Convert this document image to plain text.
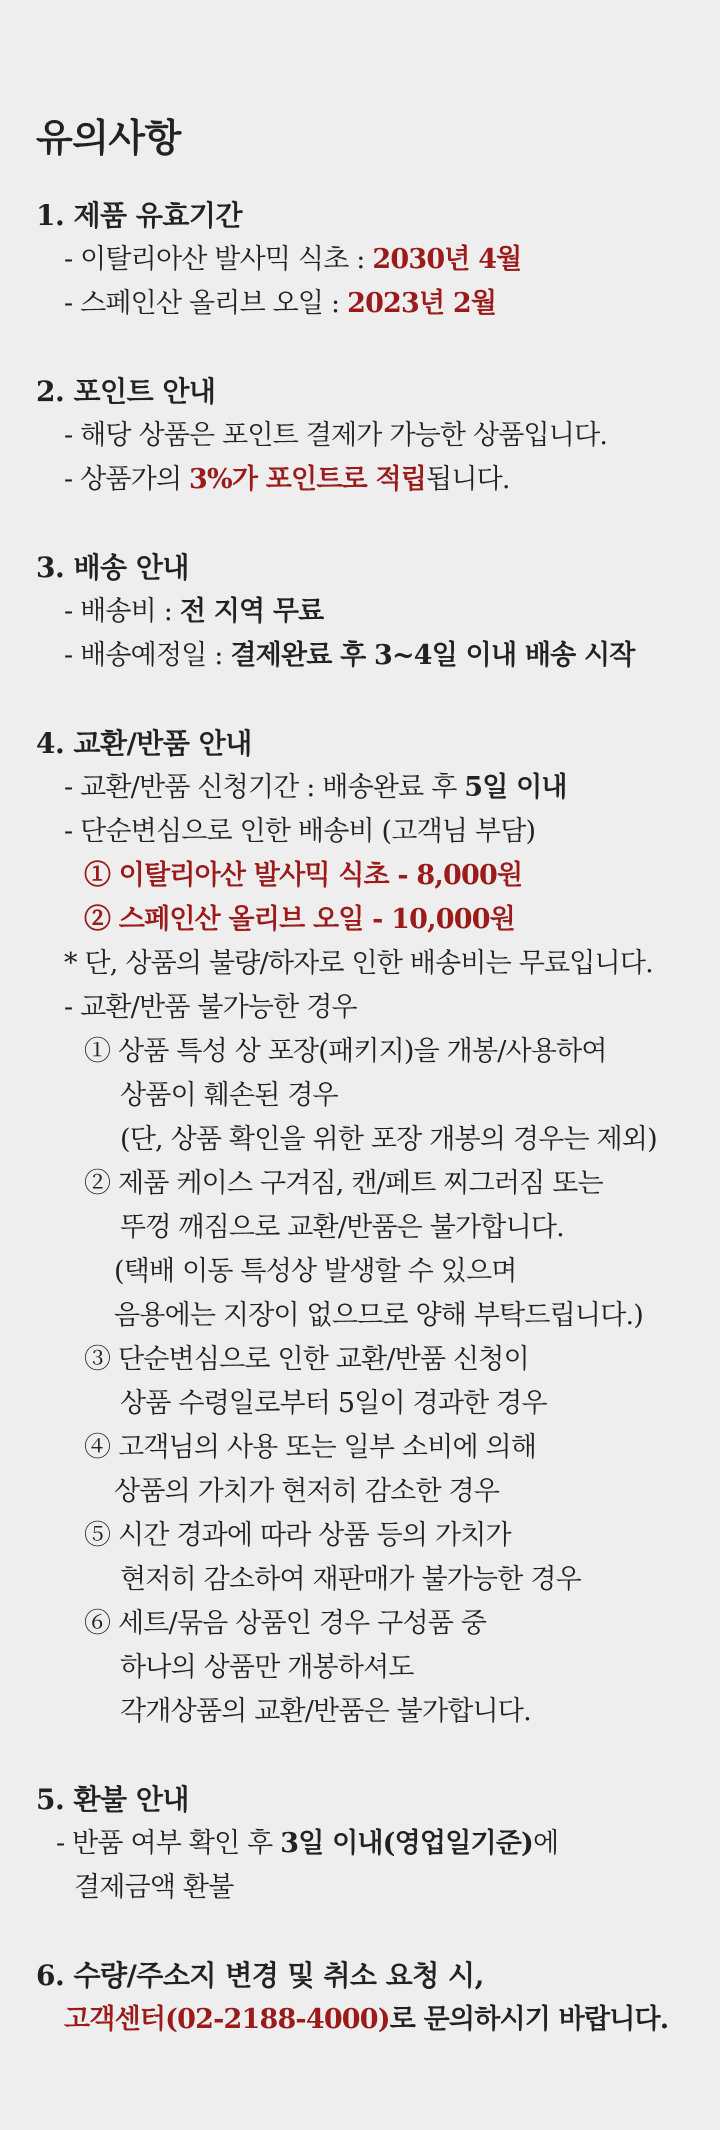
유의사항
1. 제품 유효기간
- 이탈리아산 발사믹 식초 : 2030년 4월
- 스페인산 올리브 오일 : 2023년 2월
2. 포인트 안내
- 해당 상품은 포인트 결제가 가능한 상품입니다.
- 상품가의 3%가 포인트로 적립됩니다.
3. 배송 안내
- 배송비 : 전 지역 무료
- 배송예정일 : 결제완료 후 3~4일 이내 배송 시작
4. 교환/반품 안내
- 교환/반품 신청기간 : 배송완료 후 5일 이내
- 단순변심으로 인한 배송비 (고객님 부담)
① 이탈리아산 발사믹 식초 - 8,000원
② 스페인산 올리브 오일 - 10,000원
* 단, 상품의 불량/하자로 인한 배송비는 무료입니다.
- 교환/반품 불가능한 경우
① 상품 특성 상 포장(패키지)을 개봉/사용하여
상품이 훼손된 경우
(단, 상품 확인을 위한 포장 개봉의 경우는 제외)
② 제품 케이스 구겨짐, 캔/페트 찌그러짐 또는
뚜껑 깨짐으로 교환/반품은 불가합니다.
(택배 이동 특성상 발생할 수 있으며
음용에는 지장이 없으므로 양해 부탁드립니다.)
③ 단순변심으로 인한 교환/반품 신청이
상품 수령일로부터 5일이 경과한 경우
④ 고객님의 사용 또는 일부 소비에 의해
상품의 가치가 현저히 감소한 경우
⑤ 시간 경과에 따라 상품 등의 가치가
현저히 감소하여 재판매가 불가능한 경우
⑥ 세트/묶음 상품인 경우 구성품 중
하나의 상품만 개봉하셔도
각개상품의 교환/반품은 불가합니다.
5. 환불 안내
- 반품 여부 확인 후 3일 이내(영업일기준)에
결제금액 환불
6. 수량/주소지 변경 및 취소 요청 시,
고객센터(02-2188-4000)로 문의하시기 바랍니다.
